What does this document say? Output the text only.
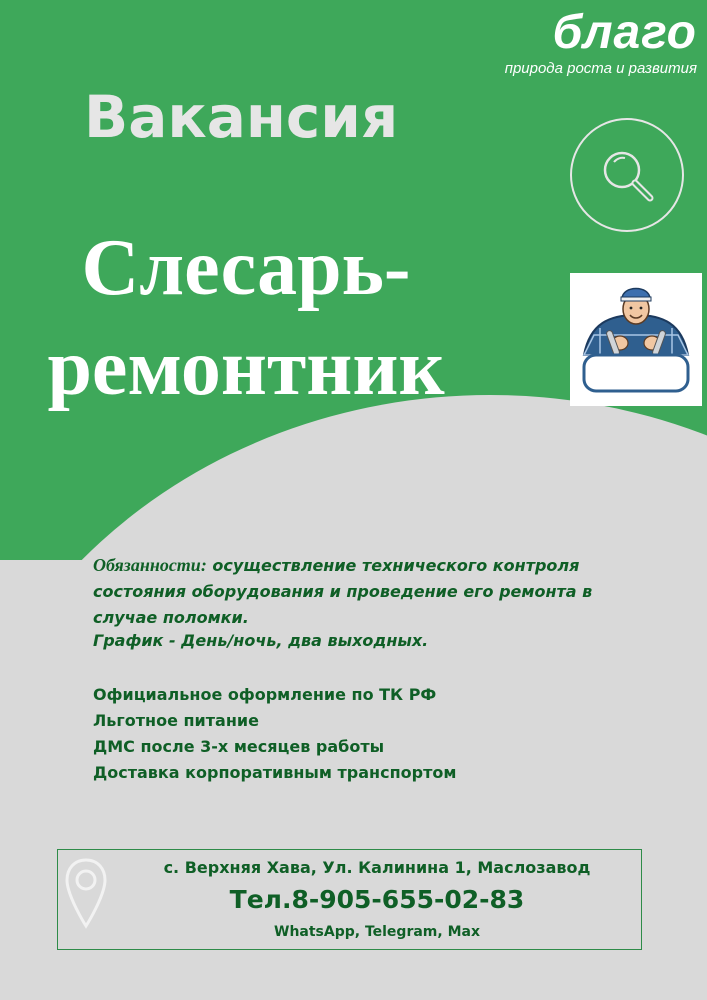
благо
природа роста и развития
Вакансия
Слесарь-
ремонтник
Обязанности: осуществление технического контроля состояния оборудования и проведение его ремонта в случае поломки.
График - День/ночь, два выходных.
Официальное оформление по ТК РФ
Льготное питание
ДМС после 3-х месяцев работы
Доставка корпоративным транспортом
с. Верхняя Хава, Ул. Калинина 1, Маслозавод
Тел.8-905-655-02-83
WhatsApp, Telegram, Max
